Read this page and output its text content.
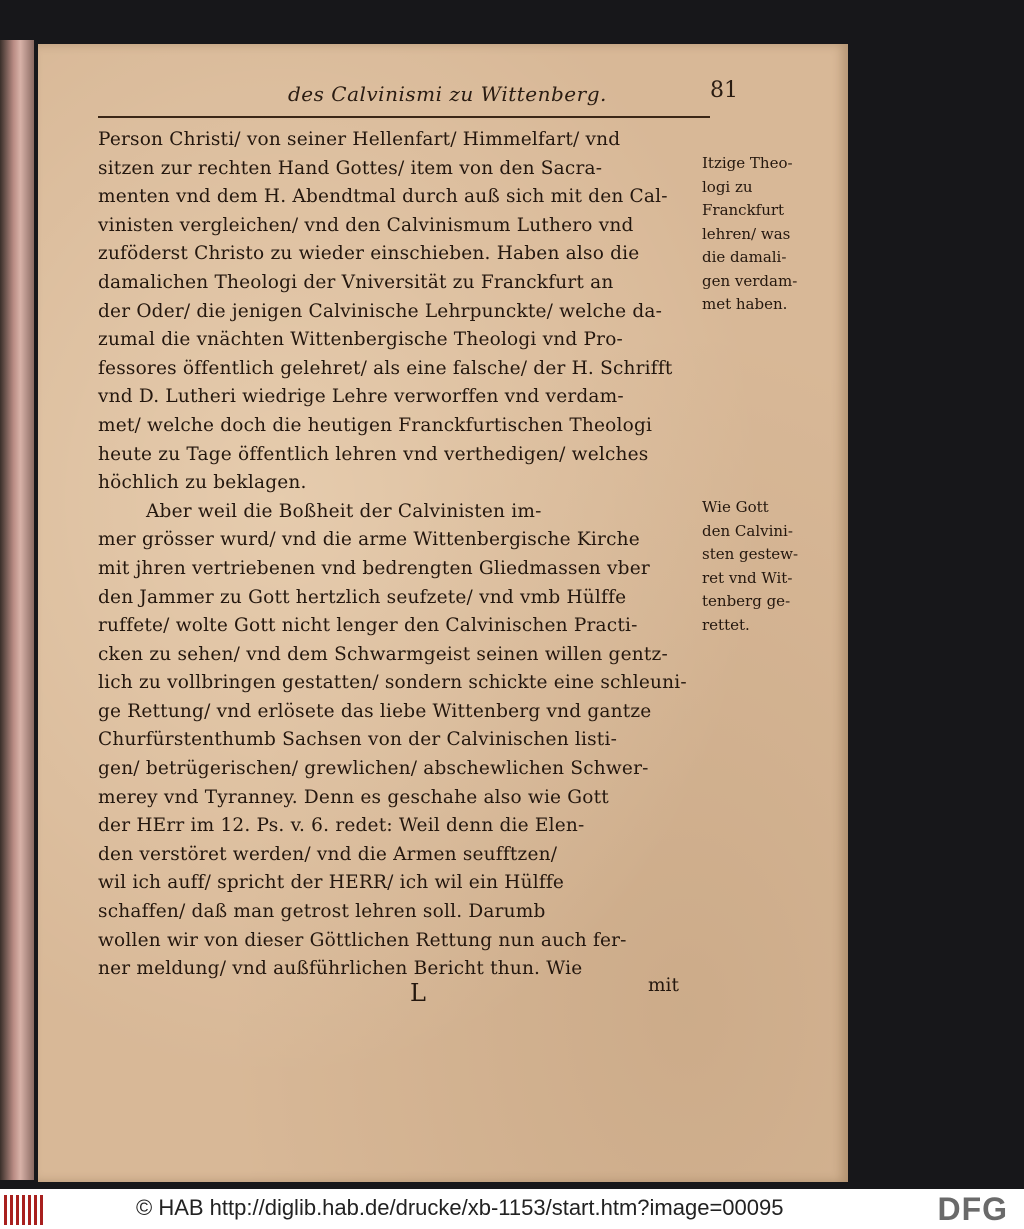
des Calvinismi zu Wittenberg.	81
Person Christi/ von seiner Hellenfart/ Himmelfart/ vnd
sitzen zur rechten Hand Gottes/ item von den Sacra-
menten vnd dem H. Abendtmal durch auß sich mit den Cal-
vinisten vergleichen/ vnd den Calvinismum Luthero vnd
zuföderst Christo zu wieder einschieben. Haben also die
damalichen Theologi der Vniversität zu Franckfurt an
der Oder/ die jenigen Calvinische Lehrpunckte/ welche da-
zumal die vnächten Wittenbergische Theologi vnd Pro-
fessores öffentlich gelehret/ als eine falsche/ der H. Schrifft
vnd D. Lutheri wiedrige Lehre verworffen vnd verdam-
met/ welche doch die heutigen Franckfurtischen Theologi
heute zu Tage öffentlich lehren vnd verthedigen/ welches
höchlich zu beklagen.
Aber weil die Boßheit der Calvinisten im-
mer grösser wurd/ vnd die arme Wittenbergische Kirche
mit jhren vertriebenen vnd bedrengten Gliedmassen vber
den Jammer zu Gott hertzlich seufzete/ vnd vmb Hülffe
ruffete/ wolte Gott nicht lenger den Calvinischen Practi-
cken zu sehen/ vnd dem Schwarmgeist seinen willen gentz-
lich zu vollbringen gestatten/ sondern schickte eine schleuni-
ge Rettung/ vnd erlösete das liebe Wittenberg vnd gantze
Churfürstenthumb Sachsen von der Calvinischen listi-
gen/ betrügerischen/ grewlichen/ abschewlichen Schwer-
merey vnd Tyranney. Denn es geschahe also wie Gott
der HErr im 12. Ps. v. 6. redet: Weil denn die Elen-
den verstöret werden/ vnd die Armen seufftzen/
wil ich auff/ spricht der HERR/ ich wil ein Hülffe
schaffen/ daß man getrost lehren soll. Darumb
wollen wir von dieser Göttlichen Rettung nun auch fer-
ner meldung/ vnd außführlichen Bericht thun. Wie
Itzige Theo-
logi zu
Franckfurt
lehren/ was
die damali-
gen verdam-
met haben.
Wie Gott
den Calvini-
sten gestew-
ret vnd Wit-
tenberg ge-
rettet.
L	mit
© HAB http://diglib.hab.de/drucke/xb-1153/start.htm?image=00095	DFG
